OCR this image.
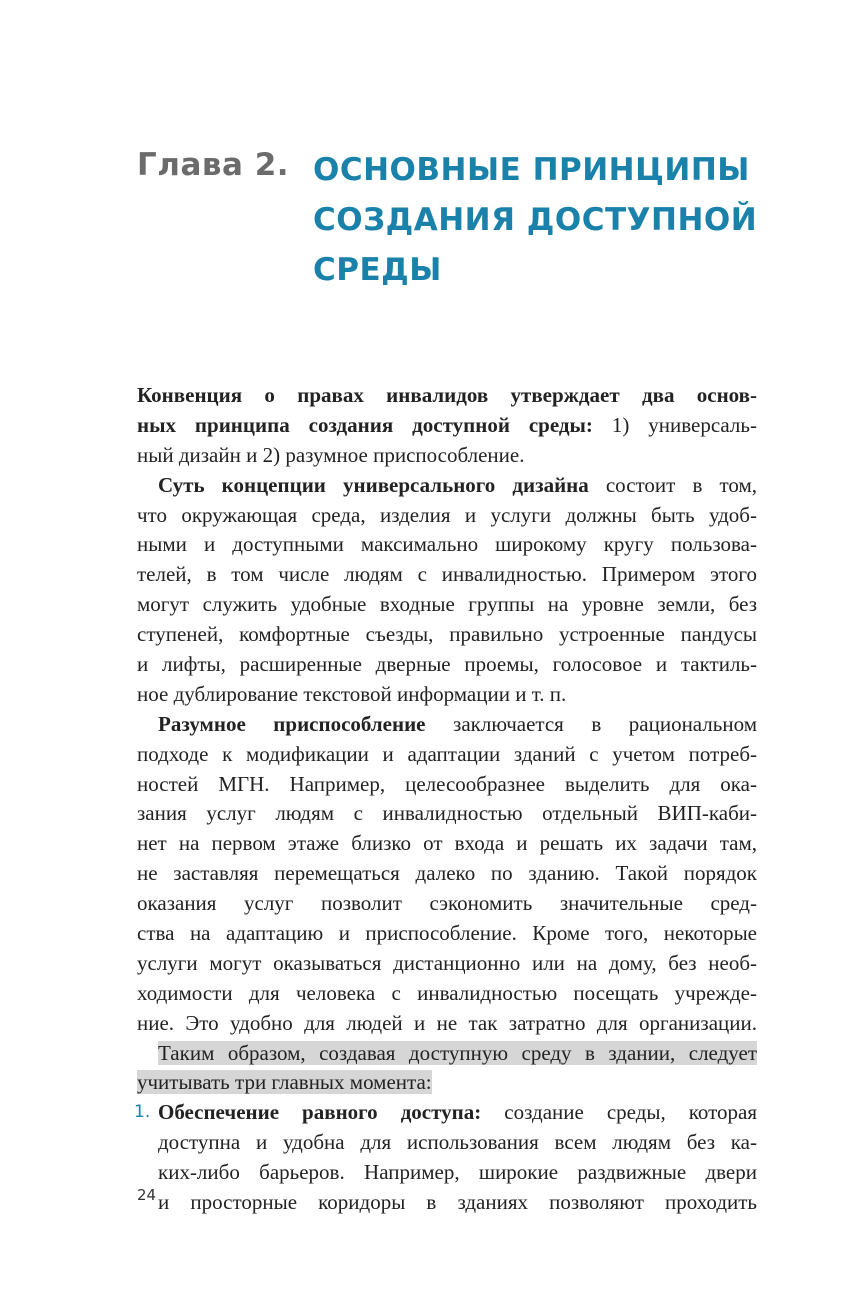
Глава 2. ОСНОВНЫЕ ПРИНЦИПЫ
СОЗДАНИЯ ДОСТУПНОЙ
СРЕДЫ
Конвенция о правах инвалидов утверждает два основ-
ных принципа создания доступной среды: 1) универсаль-
ный дизайн и 2) разумное приспособление.
Суть концепции универсального дизайна состоит в том,
что окружающая среда, изделия и услуги должны быть удоб-
ными и доступными максимально широкому кругу пользова-
телей, в том числе людям с инвалидностью. Примером этого
могут служить удобные входные группы на уровне земли, без
ступеней, комфортные съезды, правильно устроенные пандусы
и лифты, расширенные дверные проемы, голосовое и тактиль-
ное дублирование текстовой информации и т. п.
Разумное приспособление заключается в рациональном
подходе к модификации и адаптации зданий с учетом потреб-
ностей МГН. Например, целесообразнее выделить для ока-
зания услуг людям с инвалидностью отдельный ВИП-каби-
нет на первом этаже близко от входа и решать их задачи там,
не заставляя перемещаться далеко по зданию. Такой порядок
оказания услуг позволит сэкономить значительные сред-
ства на адаптацию и приспособление. Кроме того, некоторые
услуги могут оказываться дистанционно или на дому, без необ-
ходимости для человека с инвалидностью посещать учрежде-
ние. Это удобно для людей и не так затратно для организации.
Таким образом, создавая доступную среду в здании, следует
учитывать три главных момента:
1. Обеспечение равного доступа: создание среды, которая
доступна и удобна для использования всем людям без ка-
ких-либо барьеров. Например, широкие раздвижные двери
и просторные коридоры в зданиях позволяют проходить
24
